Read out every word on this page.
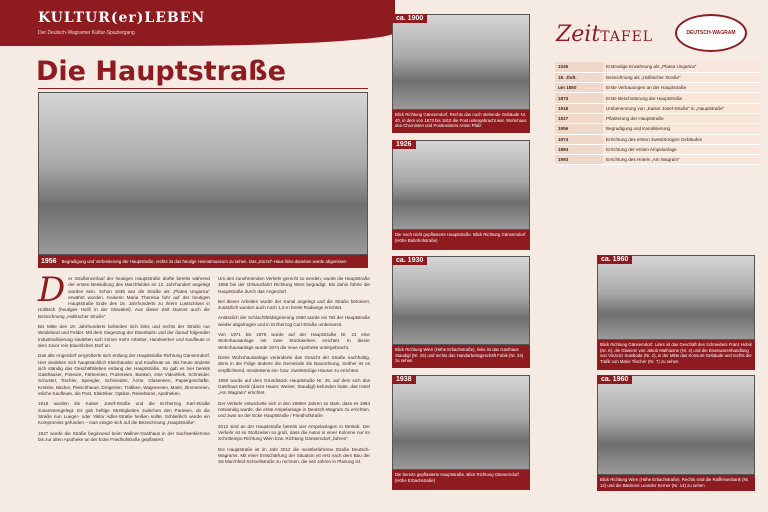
KULTUR(er)LEBEN
Der Deutsch-Wagramer Kultur-Spaziergang
Die Hauptstraße
1956 Begradigung und Verbreiterung der Hauptstraße, rechts ist das heutige Heimatmuseum zu sehen. Das „Einzel“-Haus links daneben wurde abgerissen

Der Straßenverlauf der heutigen Hauptstraße dürfte bereits während der ersten Besiedlung des Marchfeldes im 12. Jahrhundert angelegt worden sein. Schon 1045 war die Straße als „Platea Ungarica“ erwähnt worden. Kaiserin Maria Theresia fuhr auf der heutigen Hauptstraße Ende des 18. Jahrhunderts zu ihrem Lustschloss in Hollitsch (heutiges Holíč in der Slowakei). Aus dieser Zeit stammt auch die Bezeichnung „Hollitscher Straße“.

Bis Mitte des 19. Jahrhunderts befanden sich links und rechts der Straße nur Weideland und Felder. Mit dem Siegeszug der Eisenbahn und der darauf folgenden Industrialisierung siedelten sich immer mehr Arbeiter, Handwerker und Kaufleute in dem zuvor rein bäuerlichen Dorf an.

Das alte Angerdorf vergrößerte sich entlang der Hauptstraße Richtung Gänserndorf. Hier siedelten sich hauptsächlich Kleinhäusler und Kaufleute an. Bis heute änderte sich ständig das Geschäftsleben entlang der Hauptstraße. So gab es hier bereits Gasthäuser, Friseure, Färbereien, Putzereien, Banken, eine Videothek, Schneider, Schuster, Tischler, Spengler, Schmieden, Ärzte, Glasereien, Papiergeschäfte, Kreisler, Bäcker, Fleischhauer, Drogerien, Trafiken, Wagnereien, Maler, Zimmereien, etliche Kaufleute, die Post, Elektriker, Optiker, Reisebüros, Apotheken.

1918 wurden die Kaiser Josef-Straße und die Erzherzog Karl-Straße zusammengelegt. Es gab heftige Streitigkeiten zwischen den Parteien, ob die Straße nun Lueger- oder Viktor Adler-Straße heißen sollte. Schließlich wurde ein Kompromiss gefunden – man einigte sich auf die Bezeichnung „Hauptstraße“.

1927 wurde die Straße beginnend beim Wallner-Gasthaus in der Sachsenklemme bis zur alten Apotheke an der Ecke Friedhofstraße gepflastert.

Um den zunehmenden Verkehr gerecht zu werden, wurde die Hauptstraße 1956 bei der Ortsausfahrt Richtung Wien begradigt. Bis dahin führte die Hauptstraße durch das Angerdorf.

Bei dieser Arbeiten wurde der Kanal angelegt und die Straße betoniert, zusätzlich wurden auch noch 1,5 m breite Radwege errichtet.

Anlässlich der Schlachtfeldsignierung 1960 wurde ein Teil der Hauptstraße wieder abgetragen und in Erzherzog Carl-Straße umbenannt.

Von 1971 bis 1975 wurde auf der Hauptstraße Nr. 21 eine Wohnhausanlage mit zwei Stockwerken errichtet. In dieser Wohnhausanlage wurde 1974 die neue Apotheke untergebracht.

Diese Wohnhausanlage veränderte das Gesicht der Straße nachhaltig, denn in der Folge änderte die Gemeinde die Bauordnung. Seither ist es verpflichtend, mindestens ein- bzw. zweistöckige Häuser zu errichten.

1993 wurde auf dem Grundstück Hauptstraße Nr. 25, auf dem sich das Gasthaus Denk (davor Hauer, Weiser, Staudigl) befunden hatte, das Hotel „Am Wagram“ errichtet.

Der Verkehr entwickelte sich in den 1980er Jahren so stark, dass es 1984 notwendig wurde, die erste Ampelanlage in Deutsch-Wagram zu errichten, und zwar an der Ecke Hauptstraße / Friedhofstraße.

2012 sind an der Hauptstraße bereits vier Ampelanlagen in Betrieb. Der Verkehr ist so Stoßzeiten so groß, dass die Autos in einer Kolonne nur im Schrittempo Richtung Wien bzw. Richtung Gänserndorf „fahren“.

Die Hauptstraße ist im Jahr 2012 die meistbefahrene Straße Deutsch-Wagrams. Mit einer Entschärfung der Situation ist erst nach dem Bau der S8 Marchfeld-Schnellstraße zu rechnen, die seit Jahren in Planung ist.

ca. 1900
Blick Richtung Gänserndorf. Rechts das noch stehende Gebäude Nr. 40, in dem von 1873 bis 1910 die Post untergebracht war. Wohnhaus des Chronisten und Postmeisters Anton Pfalz
1926
Die noch nicht gepflasterte Hauptstraße. Blick Richtung Gänserndorf (Höhe Bahnhofstraße)
ca. 1930
Blick Richtung Wien (Höhe Erbachstraße), links ist das Gasthaus Staudigl (Nr. 25) und rechts das Handarbeitsgeschäft Fabik (Nr. 24) zu sehen
1938
Die bereits gepflasterte Hauptstraße. Blick Richtung Gänserndorf (Höhe Erbachstraße)
ZeitTAFEL	DEUTSCH-WAGRAM
1045	Erstmalige Erwähnung als „Platea Ungarica“
18. Jhdt.	Bezeichnung als „Hollitscher Straße“
um 1850	Erste Verbauungen an der Hauptstraße
1873	Erste Beschotterung der Hauptstraße
1918	Umbenennung von „Kaiser Josef-Straße“ in „Hauptstraße“
1927	Pflasterung der Hauptstraße
1956	Begradigung und Kanalisierung
1974	Errichtung des ersten zweistöckigen Gebäudes
1984	Errichtung der ersten Ampelanlage
1993	Errichtung des Hotels „Am Wagram“
ca. 1960
Blick Richtung Gänserndorf. Links ist das Geschäft des Schneiders Franz Hobik (Nr. 6), die Glaserei von Jakob Mathiasne (Nr. 4) und die Eisenwarenhandlung von Vinzenz Sowboda (Nr. 2), in der Mitte das Konsum-Gebäude und rechts die Trafik von Marie Tiischer (Nr. 7) zu sehen
ca. 1960
Blick Richtung Wien (Höhe Erbachstraße). Rechts sind die Raiffeisenbank (Nr. 12) und die Bäckerei Leander Kerner (Nr. 14) zu sehen
